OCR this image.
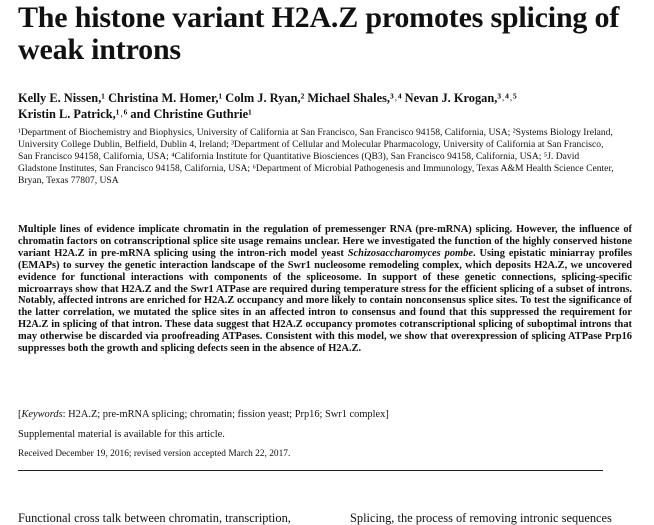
The histone variant H2A.Z promotes splicing of weak introns
Kelly E. Nissen,¹ Christina M. Homer,¹ Colm J. Ryan,² Michael Shales,³˒⁴ Nevan J. Krogan,³˒⁴˒⁵
Kristin L. Patrick,¹˒⁶ and Christine Guthrie¹
¹Department of Biochemistry and Biophysics, University of California at San Francisco, San Francisco 94158, California, USA; ²Systems Biology Ireland, University College Dublin, Belfield, Dublin 4, Ireland; ³Department of Cellular and Molecular Pharmacology, University of California at San Francisco, San Francisco 94158, California, USA; ⁴California Institute for Quantitative Biosciences (QB3), San Francisco 94158, California, USA; ⁵J. David Gladstone Institutes, San Francisco 94158, California, USA; ⁶Department of Microbial Pathogenesis and Immunology, Texas A&M Health Science Center, Bryan, Texas 77807, USA
Multiple lines of evidence implicate chromatin in the regulation of premessenger RNA (pre-mRNA) splicing. However, the influence of chromatin factors on cotranscriptional splice site usage remains unclear. Here we investigated the function of the highly conserved histone variant H2A.Z in pre-mRNA splicing using the intron-rich model yeast Schizosaccharomyces pombe. Using epistatic miniarray profiles (EMAPs) to survey the genetic interaction landscape of the Swr1 nucleosome remodeling complex, which deposits H2A.Z, we uncovered evidence for functional interactions with components of the spliceosome. In support of these genetic connections, splicing-specific microarrays show that H2A.Z and the Swr1 ATPase are required during temperature stress for the efficient splicing of a subset of introns. Notably, affected introns are enriched for H2A.Z occupancy and more likely to contain nonconsensus splice sites. To test the significance of the latter correlation, we mutated the splice sites in an affected intron to consensus and found that this suppressed the requirement for H2A.Z in splicing of that intron. These data suggest that H2A.Z occupancy promotes cotranscriptional splicing of suboptimal introns that may otherwise be discarded via proofreading ATPases. Consistent with this model, we show that overexpression of splicing ATPase Prp16 suppresses both the growth and splicing defects seen in the absence of H2A.Z.
[Keywords: H2A.Z; pre-mRNA splicing; chromatin; fission yeast; Prp16; Swr1 complex]
Supplemental material is available for this article.
Received December 19, 2016; revised version accepted March 22, 2017.
Functional cross talk between chromatin, transcription,	Splicing, the process of removing intronic sequences
